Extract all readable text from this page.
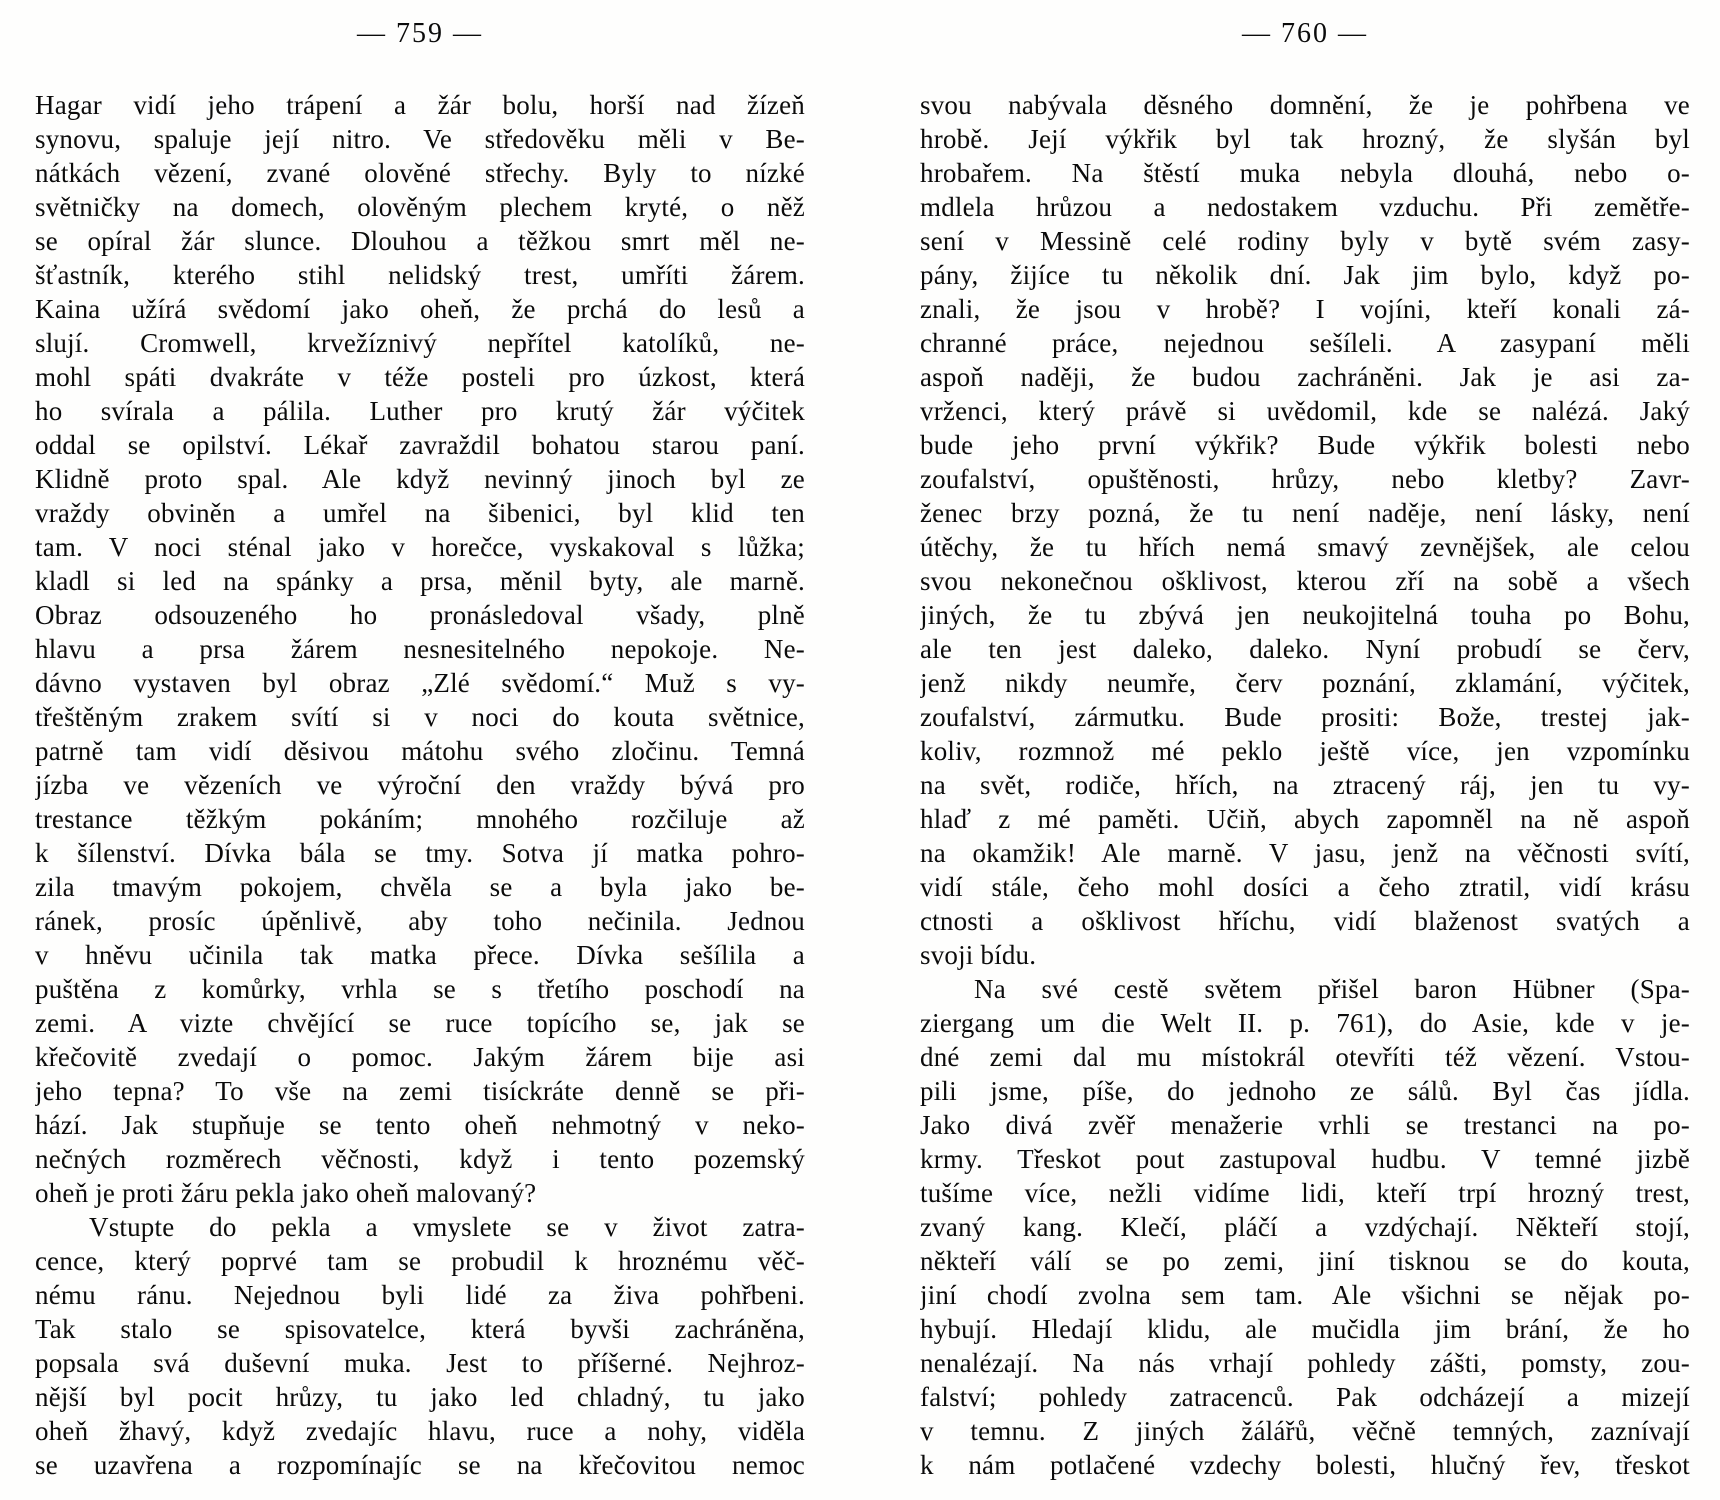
— 759 —
Hagar vidí jeho trápení a žár bolu, horší nad žízeň
synovu, spaluje její nitro. Ve středověku měli v Be-
nátkách vězení, zvané olověné střechy. Byly to nízké
světničky na domech, olověným plechem kryté, o něž
se opíral žár slunce. Dlouhou a těžkou smrt měl ne-
šťastník, kterého stihl nelidský trest, umříti žárem.
Kaina užírá svědomí jako oheň, že prchá do lesů a
slují. Cromwell, krvežíznivý nepřítel katolíků, ne-
mohl spáti dvakráte v téže posteli pro úzkost, která
ho svírala a pálila. Luther pro krutý žár výčitek
oddal se opilství. Lékař zavraždil bohatou starou paní.
Klidně proto spal. Ale když nevinný jinoch byl ze
vraždy obviněn a umřel na šibenici, byl klid ten
tam. V noci sténal jako v horečce, vyskakoval s lůžka;
kladl si led na spánky a prsa, měnil byty, ale marně.
Obraz odsouzeného ho pronásledoval všady, plně
hlavu a prsa žárem nesnesitelného nepokoje. Ne-
dávno vystaven byl obraz „Zlé svědomí.“ Muž s vy-
třeštěným zrakem svítí si v noci do kouta světnice,
patrně tam vidí děsivou mátohu svého zločinu. Temná
jízba ve vězeních ve výroční den vraždy bývá pro
trestance těžkým pokáním; mnohého rozčiluje až
k šílenství. Dívka bála se tmy. Sotva jí matka pohro-
zila tmavým pokojem, chvěla se a byla jako be-
ránek, prosíc úpěnlivě, aby toho nečinila. Jednou
v hněvu učinila tak matka přece. Dívka sešílila a
puštěna z komůrky, vrhla se s třetího poschodí na
zemi. A vizte chvějící se ruce topícího se, jak se
křečovitě zvedají o pomoc. Jakým žárem bije asi
jeho tepna? To vše na zemi tisíckráte denně se při-
hází. Jak stupňuje se tento oheň nehmotný v neko-
nečných rozměrech věčnosti, když i tento pozemský
oheň je proti žáru pekla jako oheň malovaný?
Vstupte do pekla a vmyslete se v život zatra-
cence, který poprvé tam se probudil k hroznému věč-
nému ránu. Nejednou byli lidé za živa pohřbeni.
Tak stalo se spisovatelce, která byvši zachráněna,
popsala svá duševní muka. Jest to příšerné. Nejhroz-
nější byl pocit hrůzy, tu jako led chladný, tu jako
oheň žhavý, když zvedajíc hlavu, ruce a nohy, viděla
se uzavřena a rozpomínajíc se na křečovitou nemoc
— 760 —
svou nabývala děsného domnění, že je pohřbena ve
hrobě. Její výkřik byl tak hrozný, že slyšán byl
hrobařem. Na štěstí muka nebyla dlouhá, nebo o-
mdlela hrůzou a nedostakem vzduchu. Při zemětře-
sení v Messině celé rodiny byly v bytě svém zasy-
pány, žijíce tu několik dní. Jak jim bylo, když po-
znali, že jsou v hrobě? I vojíni, kteří konali zá-
chranné práce, nejednou sešíleli. A zasypaní měli
aspoň naději, že budou zachráněni. Jak je asi za-
vrženci, který právě si uvědomil, kde se nalézá. Jaký
bude jeho první výkřik? Bude výkřik bolesti nebo
zoufalství, opuštěnosti, hrůzy, nebo kletby? Zavr-
ženec brzy pozná, že tu není naděje, není lásky, není
útěchy, že tu hřích nemá smavý zevnějšek, ale celou
svou nekonečnou ošklivost, kterou zří na sobě a všech
jiných, že tu zbývá jen neukojitelná touha po Bohu,
ale ten jest daleko, daleko. Nyní probudí se červ,
jenž nikdy neumře, červ poznání, zklamání, výčitek,
zoufalství, zármutku. Bude prositi: Bože, trestej jak-
koliv, rozmnož mé peklo ještě více, jen vzpomínku
na svět, rodiče, hřích, na ztracený ráj, jen tu vy-
hlaď z mé paměti. Učiň, abych zapomněl na ně aspoň
na okamžik! Ale marně. V jasu, jenž na věčnosti svítí,
vidí stále, čeho mohl dosíci a čeho ztratil, vidí krásu
ctnosti a ošklivost hříchu, vidí blaženost svatých a
svoji bídu.
Na své cestě světem přišel baron Hübner (Spa-
ziergang um die Welt II. p. 761), do Asie, kde v je-
dné zemi dal mu místokrál otevříti též vězení. Vstou-
pili jsme, píše, do jednoho ze sálů. Byl čas jídla.
Jako divá zvěř menažerie vrhli se trestanci na po-
krmy. Třeskot pout zastupoval hudbu. V temné jizbě
tušíme více, nežli vidíme lidi, kteří trpí hrozný trest,
zvaný kang. Klečí, pláčí a vzdýchají. Někteří stojí,
někteří válí se po zemi, jiní tisknou se do kouta,
jiní chodí zvolna sem tam. Ale všichni se nějak po-
hybují. Hledají klidu, ale mučidla jim brání, že ho
nenalézají. Na nás vrhají pohledy zášti, pomsty, zou-
falství; pohledy zatracenců. Pak odcházejí a mizejí
v temnu. Z jiných žálářů, věčně temných, zaznívají
k nám potlačené vzdechy bolesti, hlučný řev, třeskot
